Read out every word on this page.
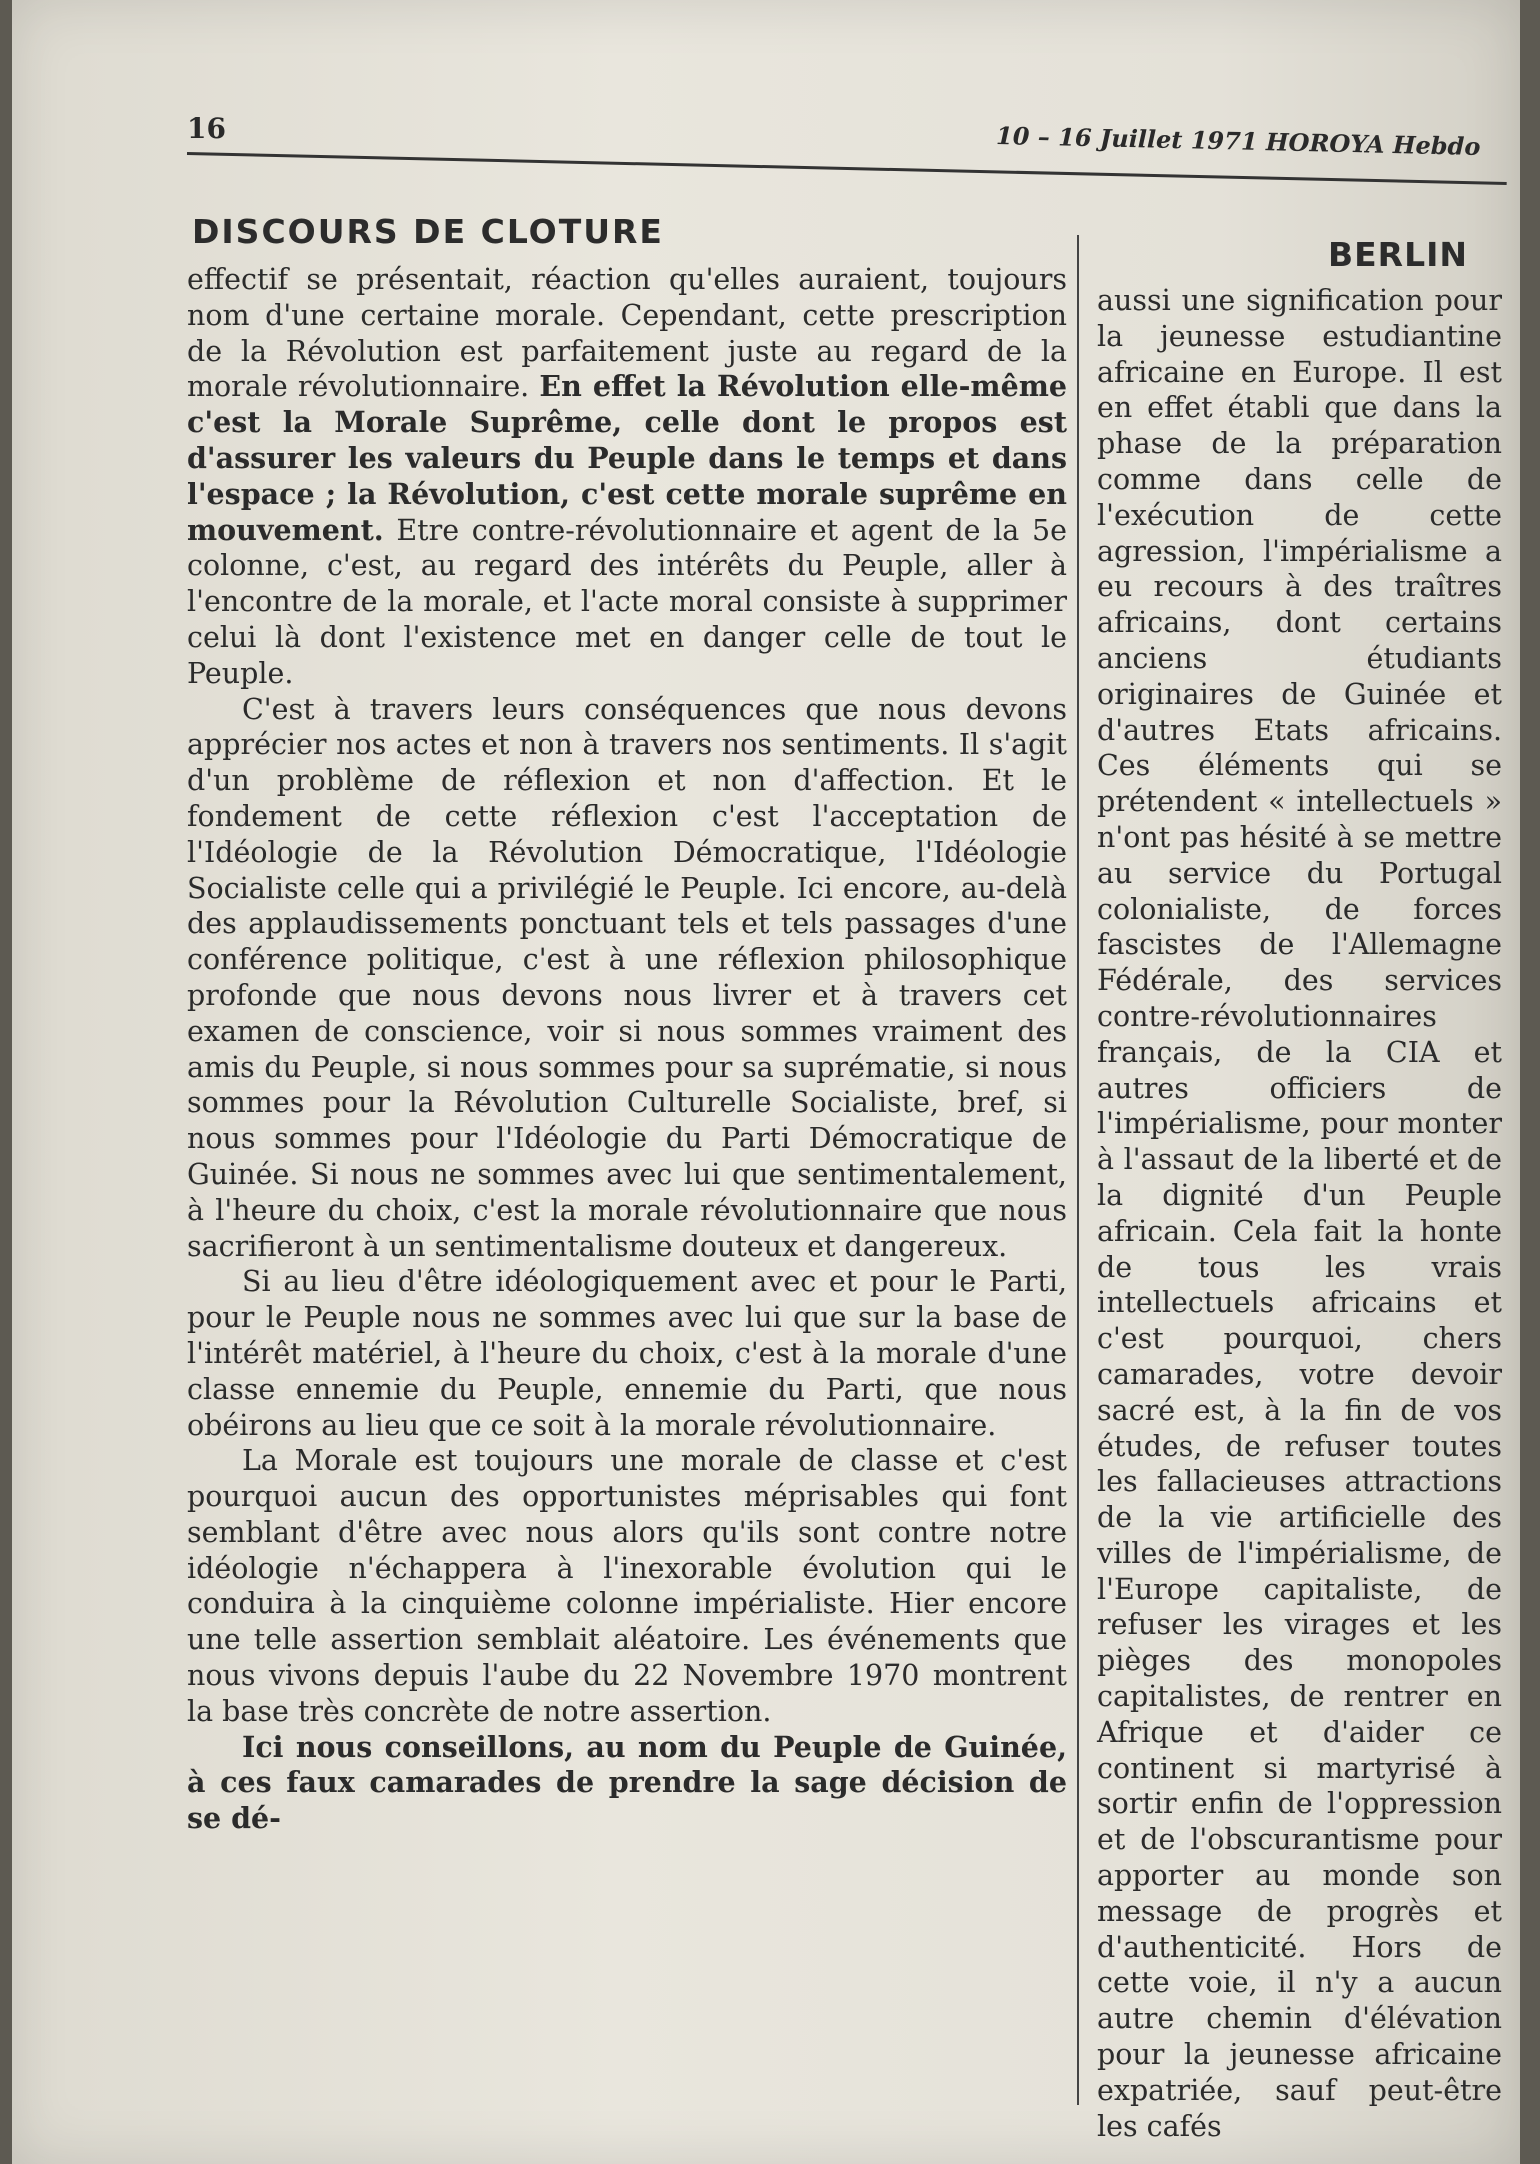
16	10 – 16 Juillet 1971 HOROYA Hebdo
DISCOURS DE CLOTURE
BERLIN

effectif se présentait, réaction qu'elles auraient, toujours nom d'une certaine morale. Cependant, cette prescription de la Révolution est parfaitement juste au regard de la morale révolutionnaire. En effet la Révolution elle-même c'est la Morale Suprême, celle dont le propos est d'assurer les valeurs du Peuple dans le temps et dans l'espace ; la Révolution, c'est cette morale suprême en mouvement. Etre contre-révolutionnaire et agent de la 5e colonne, c'est, au regard des intérêts du Peuple, aller à l'encontre de la morale, et l'acte moral consiste à supprimer celui là dont l'existence met en danger celle de tout le Peuple.

C'est à travers leurs conséquences que nous devons apprécier nos actes et non à travers nos sentiments. Il s'agit d'un problème de réflexion et non d'affection. Et le fondement de cette réflexion c'est l'acceptation de l'Idéologie de la Révolution Démocratique, l'Idéologie Socialiste celle qui a privilégié le Peuple. Ici encore, au-delà des applaudissements ponctuant tels et tels passages d'une conférence politique, c'est à une réflexion philosophique profonde que nous devons nous livrer et à travers cet examen de conscience, voir si nous sommes vraiment des amis du Peuple, si nous sommes pour sa suprématie, si nous sommes pour la Révolution Culturelle Socialiste, bref, si nous sommes pour l'Idéologie du Parti Démocratique de Guinée. Si nous ne sommes avec lui que sentimentalement, à l'heure du choix, c'est la morale révolutionnaire que nous sacrifieront à un sentimentalisme douteux et dangereux.

Si au lieu d'être idéologiquement avec et pour le Parti, pour le Peuple nous ne sommes avec lui que sur la base de l'intérêt matériel, à l'heure du choix, c'est à la morale d'une classe ennemie du Peuple, ennemie du Parti, que nous obéirons au lieu que ce soit à la morale révolutionnaire.

La Morale est toujours une morale de classe et c'est pourquoi aucun des opportunistes méprisables qui font semblant d'être avec nous alors qu'ils sont contre notre idéologie n'échappera à l'inexorable évolution qui le conduira à la cinquième colonne impérialiste. Hier encore une telle assertion semblait aléatoire. Les événements que nous vivons depuis l'aube du 22 Novembre 1970 montrent la base très concrète de notre assertion.

Ici nous conseillons, au nom du Peuple de Guinée, à ces faux camarades de prendre la sage décision de se dé-

aussi une signification pour la jeunesse estudiantine africaine en Europe. Il est en effet établi que dans la phase de la préparation comme dans celle de l'exécution de cette agression, l'impérialisme a eu recours à des traîtres africains, dont certains anciens étudiants originaires de Guinée et d'autres Etats africains. Ces éléments qui se prétendent « intellectuels » n'ont pas hésité à se mettre au service du Portugal colonialiste, de forces fascistes de l'Allemagne Fédérale, des services contre-révolutionnaires français, de la CIA et autres officiers de l'impérialisme, pour monter à l'assaut de la liberté et de la dignité d'un Peuple africain. Cela fait la honte de tous les vrais intellectuels africains et c'est pourquoi, chers camarades, votre devoir sacré est, à la fin de vos études, de refuser toutes les fallacieuses attractions de la vie artificielle des villes de l'impérialisme, de l'Europe capitaliste, de refuser les virages et les pièges des monopoles capitalistes, de rentrer en Afrique et d'aider ce continent si martyrisé à sortir enfin de l'oppression et de l'obscurantisme pour apporter au monde son message de progrès et d'authenticité. Hors de cette voie, il n'y a aucun autre chemin d'élévation pour la jeunesse africaine expatriée, sauf peut-être les cafés
